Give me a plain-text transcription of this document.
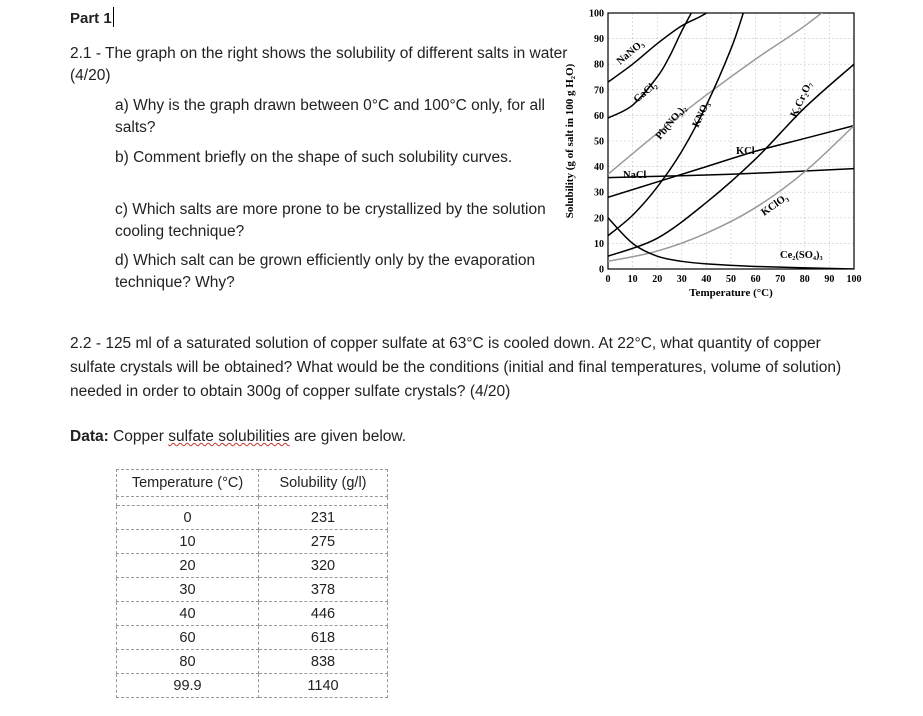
Part 1
2.1 - The graph on the right shows the solubility of different salts in water (4/20)
a) Why is the graph drawn between 0°C and 100°C only, for all salts?
b) Comment briefly on the shape of such solubility curves.
c) Which salts are more prone to be crystallized by the solution cooling technique?
d) Which salt can be grown efficiently only by the evaporation technique? Why?	0 10 20 30 40 50 60 70 80 90 100
0
10
20
30
40
50
60
70
80
90
100
NaNO₃
CaCl₂
Pb(NO₃)₂ KNO₃
KCl
NaCl
K₂Cr₂O₇
KClO₃
Ce₂(SO₄)₃
Temperature (°C)
Solubility (g of salt in 100 g H₂O)
2.2 - 125 ml of a saturated solution of copper sulfate at 63°C is cooled down. At 22°C, what quantity of copper sulfate crystals will be obtained? What would be the conditions (initial and final temperatures, volume of solution) needed in order to obtain 300g of copper sulfate crystals? (4/20)
Data: Copper sulfate solubilities are given below.
Temperature (°C)	Solubility (g/l)

0	231
10	275
20	320
30	378
40	446
60	618
80	838
99.9	1140
